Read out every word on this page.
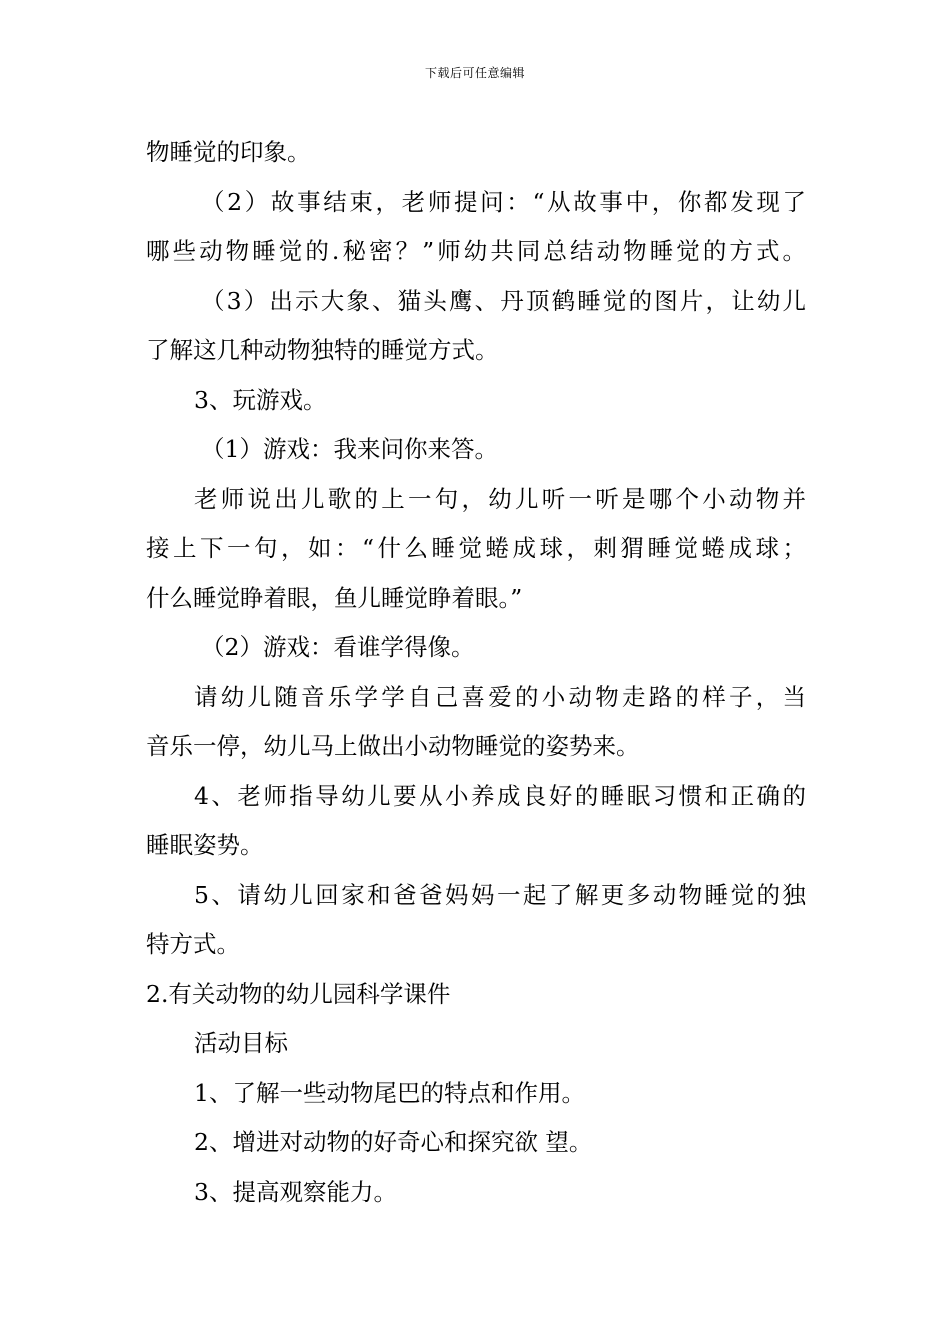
下载后可任意编辑
物睡觉的印象。
（2）故事结束，老师提问：“从故事中，你都发现了
哪些动物睡觉的.秘密？”师幼共同总结动物睡觉的方式。
（3）出示大象、猫头鹰、丹顶鹤睡觉的图片，让幼儿
了解这几种动物独特的睡觉方式。
3、玩游戏。
（1）游戏：我来问你来答。
老师说出儿歌的上一句，幼儿听一听是哪个小动物并
接上下一句，如：“什么睡觉蜷成球，刺猬睡觉蜷成球；
什么睡觉睁着眼，鱼儿睡觉睁着眼。”
（2）游戏：看谁学得像。
请幼儿随音乐学学自己喜爱的小动物走路的样子，当
音乐一停，幼儿马上做出小动物睡觉的姿势来。
4、老师指导幼儿要从小养成良好的睡眠习惯和正确的
睡眠姿势。
5、请幼儿回家和爸爸妈妈一起了解更多动物睡觉的独
特方式。
2.有关动物的幼儿园科学课件
活动目标
1、了解一些动物尾巴的特点和作用。
2、增进对动物的好奇心和探究欲 望。
3、提高观察能力。
